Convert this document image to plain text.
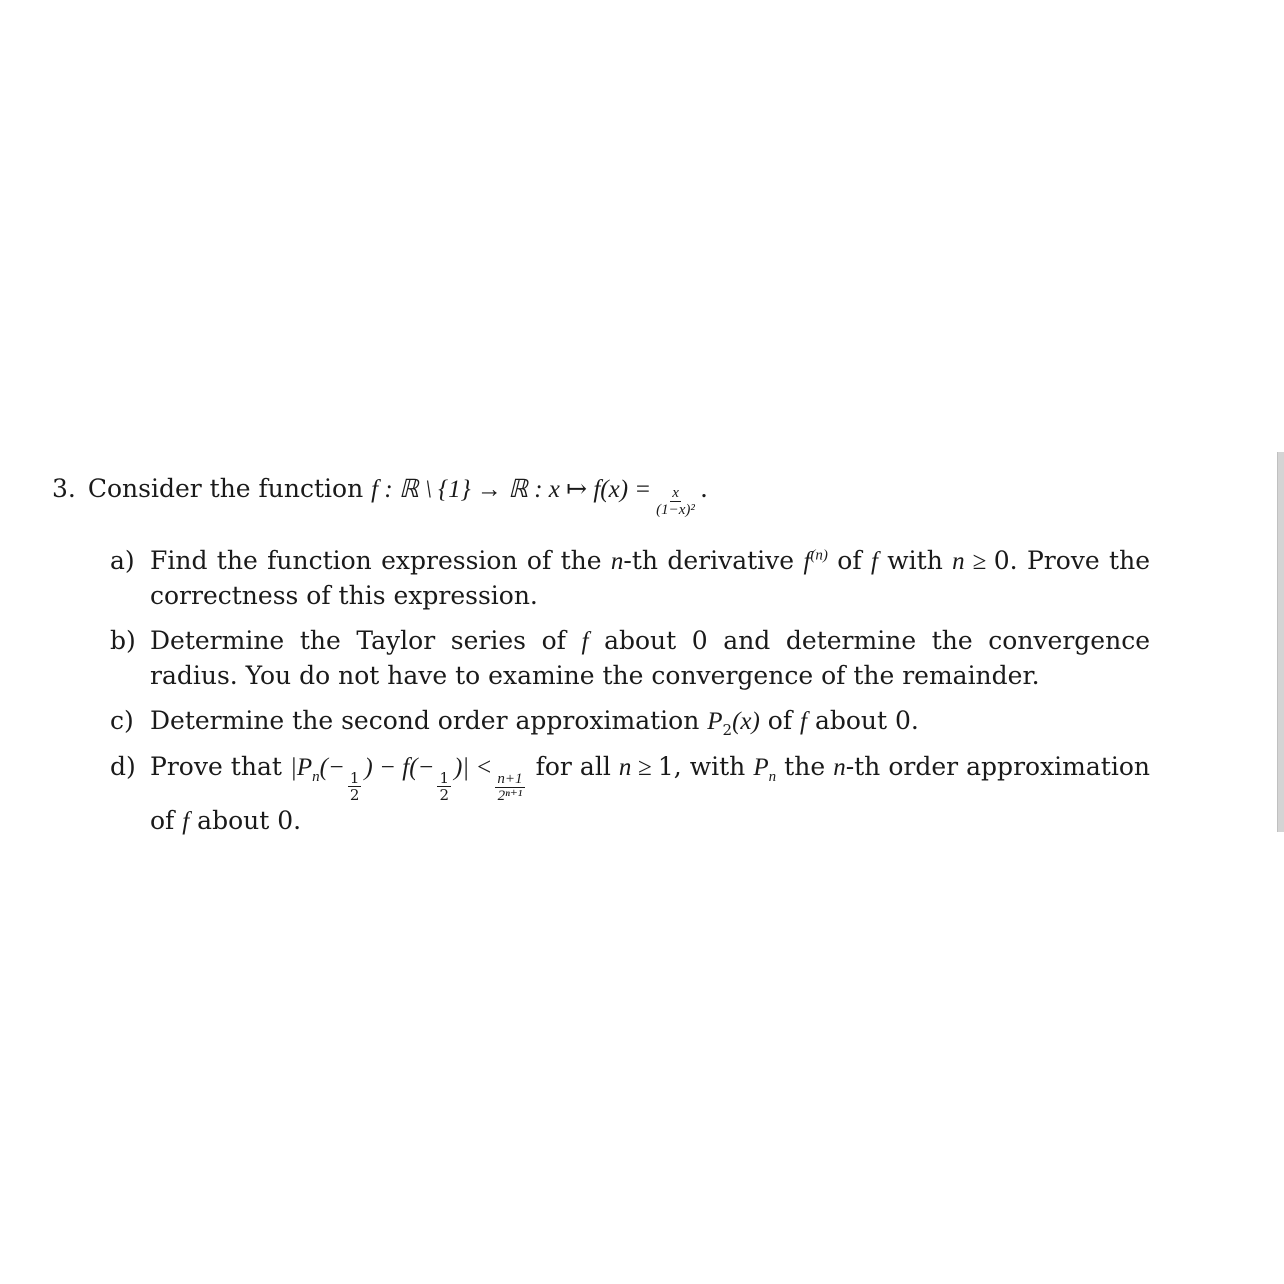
3. Consider the function
f : ℝ \ {1} → ℝ : x ↦ $f(x) = \frac{x}{\text{(1−x)²}}$ .
a) Find the function expression of the n-th derivative $f^{(n)}$ of f with n ≥ 0. Prove the correctness of this expression.
b) Determine the Taylor series of f about 0 and determine the convergence radius. You do not have to examine the convergence of the remainder.
c) Determine the second order approximation $P_2(x)$ of f about 0.
d) Prove that $|P_n(-$
$\frac{1}{2}$
) − f(−
$\frac{1}{2}$
)| <
$\frac{n+1}{\text{2ⁿ⁺¹}}$
for all n ≥ 1, with $P_n$ the n-th order approximation of f about 0.
